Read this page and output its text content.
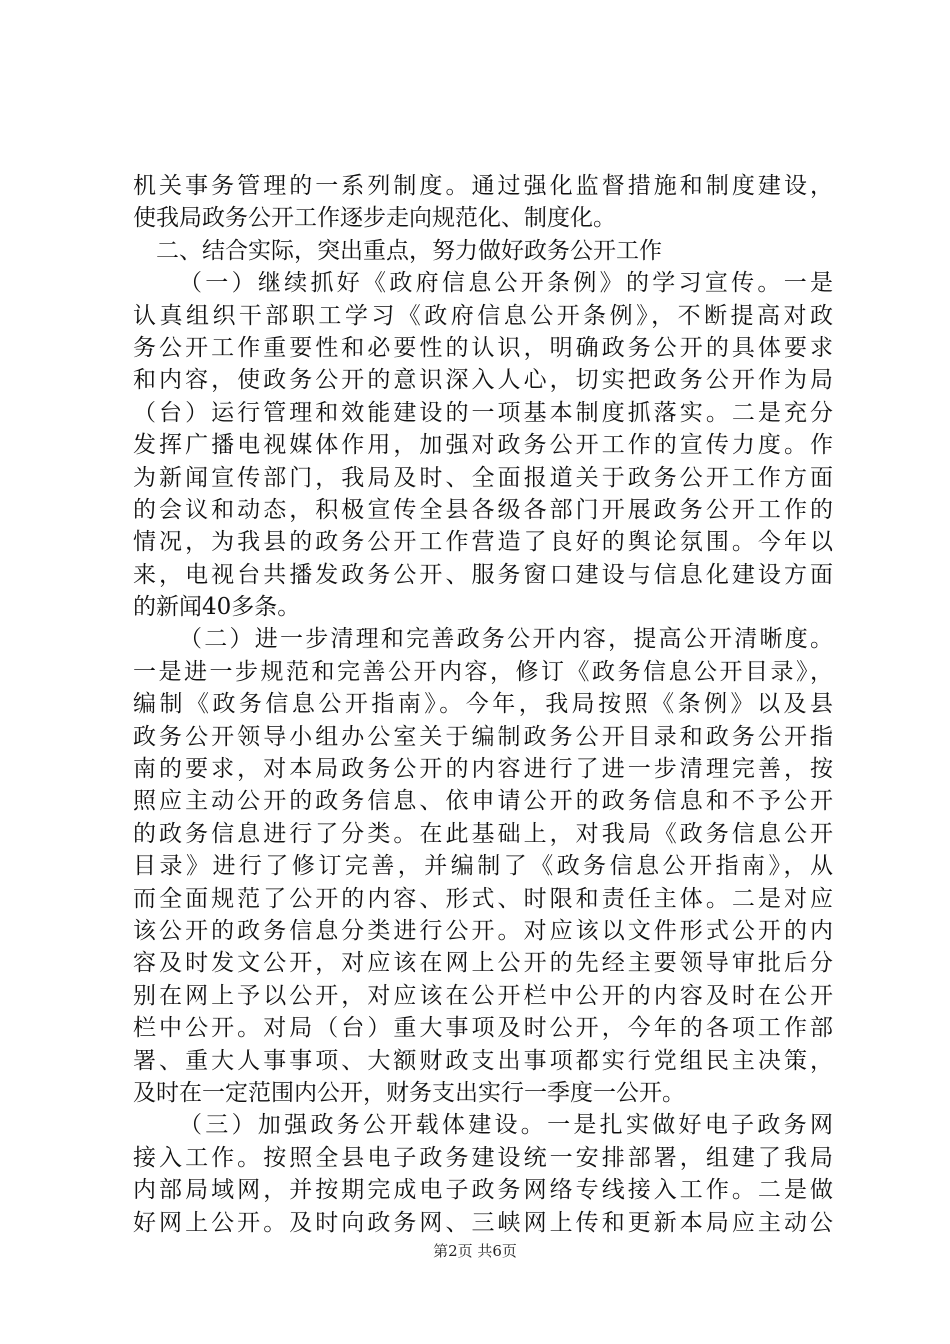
机关事务管理的一系列制度。通过强化监督措施和制度建设，
使我局政务公开工作逐步走向规范化、制度化。
二、结合实际，突出重点，努力做好政务公开工作
（一）继续抓好《政府信息公开条例》的学习宣传。一是
认真组织干部职工学习《政府信息公开条例》，不断提高对政
务公开工作重要性和必要性的认识，明确政务公开的具体要求
和内容，使政务公开的意识深入人心，切实把政务公开作为局
（台）运行管理和效能建设的一项基本制度抓落实。二是充分
发挥广播电视媒体作用，加强对政务公开工作的宣传力度。作
为新闻宣传部门，我局及时、全面报道关于政务公开工作方面
的会议和动态，积极宣传全县各级各部门开展政务公开工作的
情况，为我县的政务公开工作营造了良好的舆论氛围。今年以
来，电视台共播发政务公开、服务窗口建设与信息化建设方面
的新闻40多条。
（二）进一步清理和完善政务公开内容，提高公开清晰度。
一是进一步规范和完善公开内容，修订《政务信息公开目录》，
编制《政务信息公开指南》。今年，我局按照《条例》以及县
政务公开领导小组办公室关于编制政务公开目录和政务公开指
南的要求，对本局政务公开的内容进行了进一步清理完善，按
照应主动公开的政务信息、依申请公开的政务信息和不予公开
的政务信息进行了分类。在此基础上，对我局《政务信息公开
目录》进行了修订完善，并编制了《政务信息公开指南》，从
而全面规范了公开的内容、形式、时限和责任主体。二是对应
该公开的政务信息分类进行公开。对应该以文件形式公开的内
容及时发文公开，对应该在网上公开的先经主要领导审批后分
别在网上予以公开，对应该在公开栏中公开的内容及时在公开
栏中公开。对局（台）重大事项及时公开，今年的各项工作部
署、重大人事事项、大额财政支出事项都实行党组民主决策，
及时在一定范围内公开，财务支出实行一季度一公开。
（三）加强政务公开载体建设。一是扎实做好电子政务网
接入工作。按照全县电子政务建设统一安排部署，组建了我局
内部局域网，并按期完成电子政务网络专线接入工作。二是做
好网上公开。及时向政务网、三峡网上传和更新本局应主动公
第2页 共6页
